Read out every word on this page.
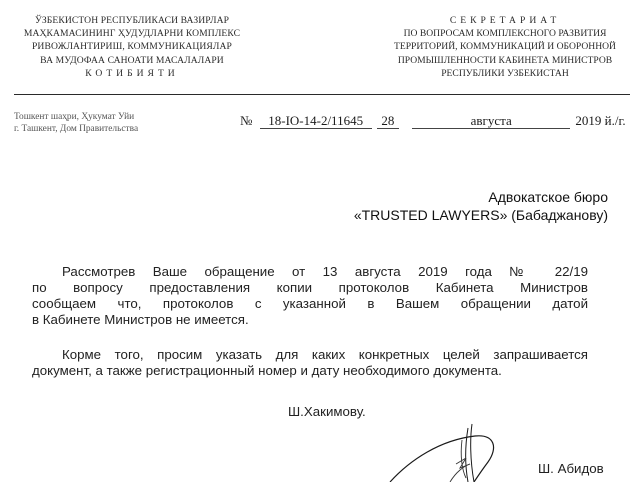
ЎЗБЕКИСТОН РЕСПУБЛИКАСИ ВАЗИРЛАР
МАҲКАМАСИНИНГ ҲУДУДЛАРНИ КОМПЛЕКС
РИВОЖЛАНТИРИШ, КОММУНИКАЦИЯЛАР
ВА МУДОФАА САНОАТИ МАСАЛАЛАРИ
КОТИБИЯТИ
СЕКРЕТАРИАТ
ПО ВОПРОСАМ КОМПЛЕКСНОГО РАЗВИТИЯ
ТЕРРИТОРИЙ, КОММУНИКАЦИЙ И ОБОРОННОЙ
ПРОМЫШЛЕННОСТИ КАБИНЕТА МИНИСТРОВ
РЕСПУБЛИКИ УЗБЕКИСТАН
Тошкент шаҳри, Ҳукумат Уйи
г. Ташкент, Дом Правительства
№ 18-IO-14-2/11645 28	августа	2019 й./г.
Адвокатское бюро
«TRUSTED LAWYERS» (Бабаджанову)
Рассмотрев Ваше обращение от 13 августа 2019 года № 22/19
по вопросу предоставления копии протоколов Кабинета Министров
сообщаем что, протоколов с указанной в Вашем обращении датой
в Кабинете Министров не имеется.
Корме того, просим указать для каких конкретных целей запрашивается
документ, а также регистрационный номер и дату необходимого документа.
Ш.Хакимову.
Ш. Абидов
